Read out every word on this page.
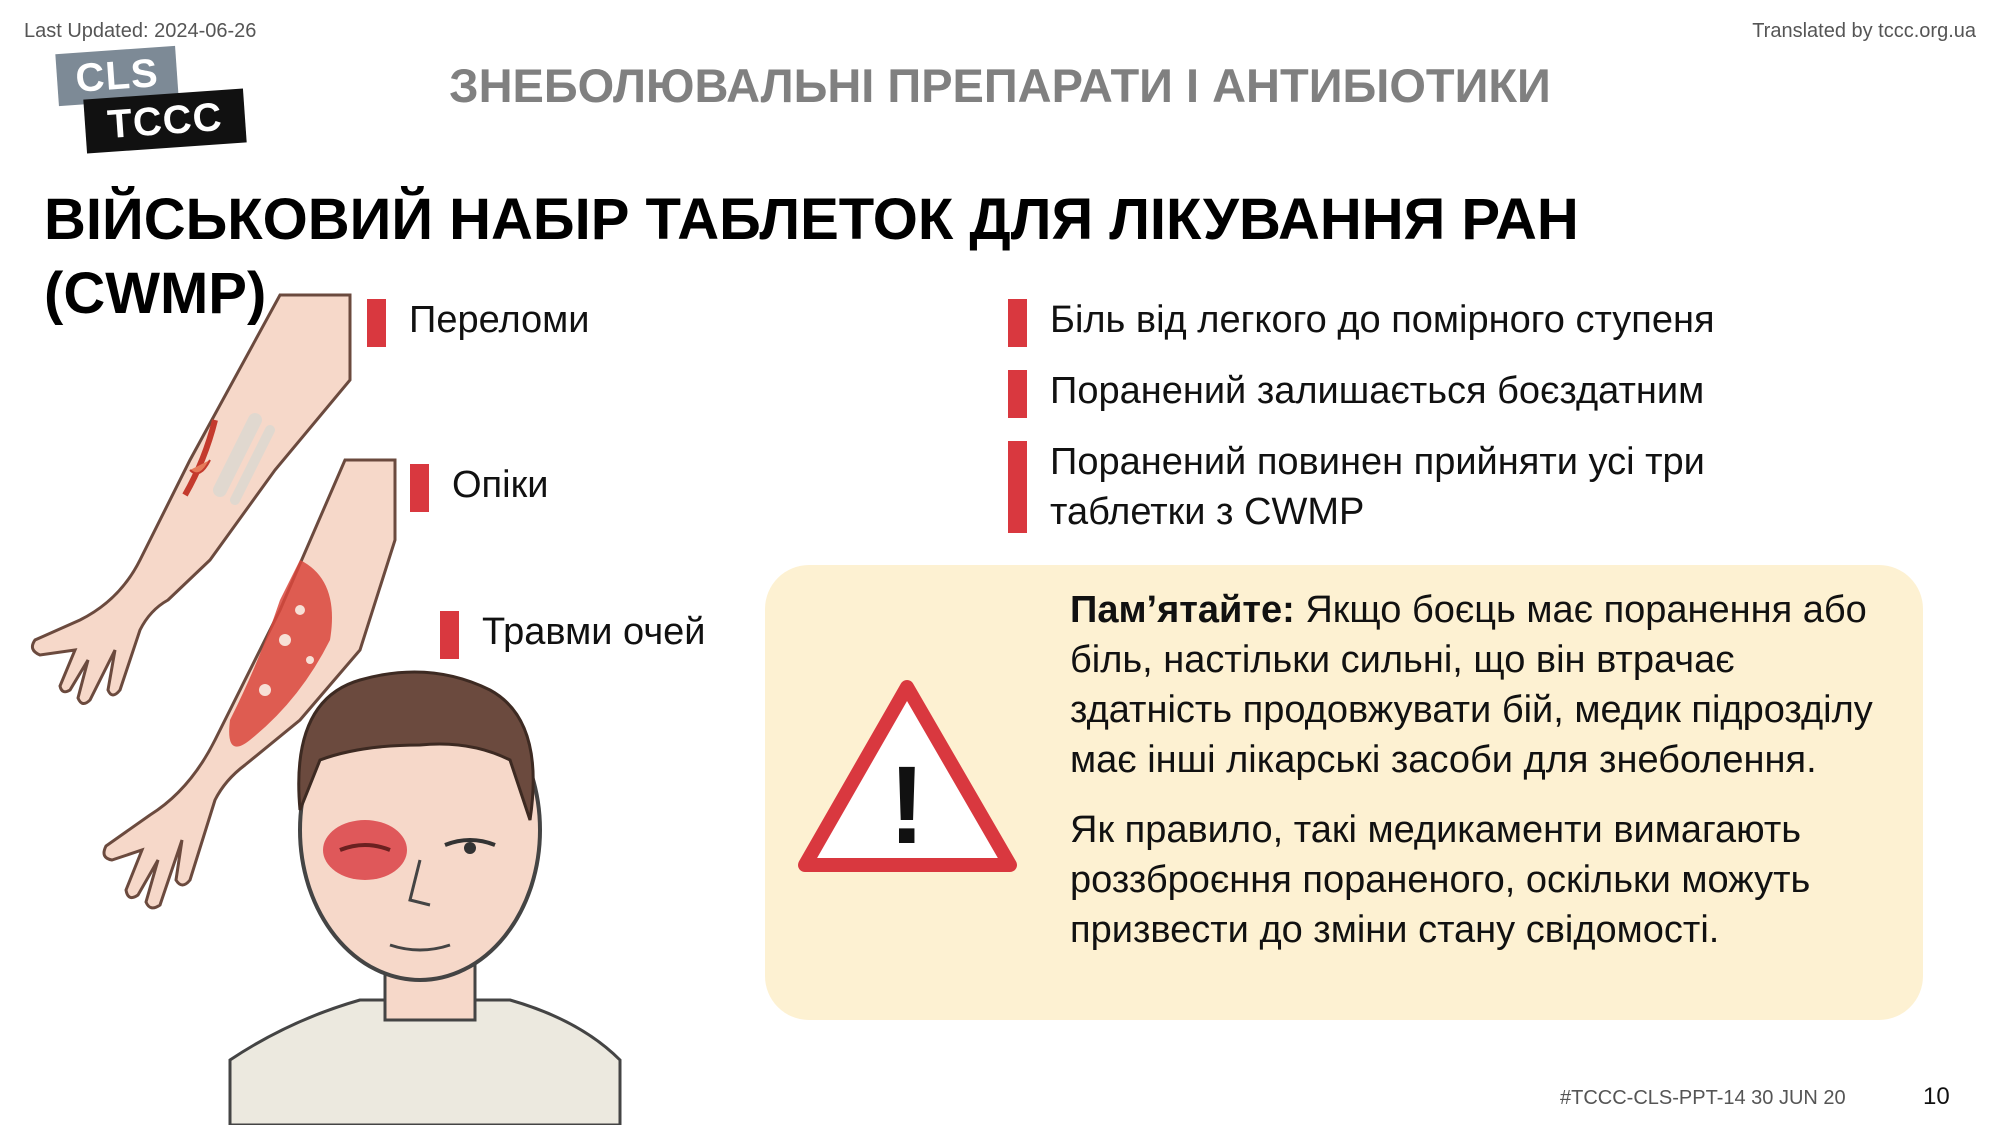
Last Updated: 2024-06-26	Translated by tccc.org.ua
CLS
TCCC
ЗНЕБОЛЮВАЛЬНІ ПРЕПАРАТИ І АНТИБІОТИКИ
ВІЙСЬКОВИЙ НАБІР ТАБЛЕТОК ДЛЯ ЛІКУВАННЯ РАН (CWMP)	Переломи
Опіки
Травми очей
Біль від легкого до помірного ступеня
Поранений залишається боєздатним
Поранений повинен прийняти усі три таблетки з CWMP
!

Пам’ятайте: Якщо боєць має поранення або біль, настільки сильні, що він втрачає здатність продовжувати бій, медик підрозділу має інші лікарські засоби для знеболення.

Як правило, такі медикаменти вимагають роззброєння пораненого, оскільки можуть призвести до зміни стану свідомості.

#TCCC-CLS-PPT-14 30 JUN 20	10
